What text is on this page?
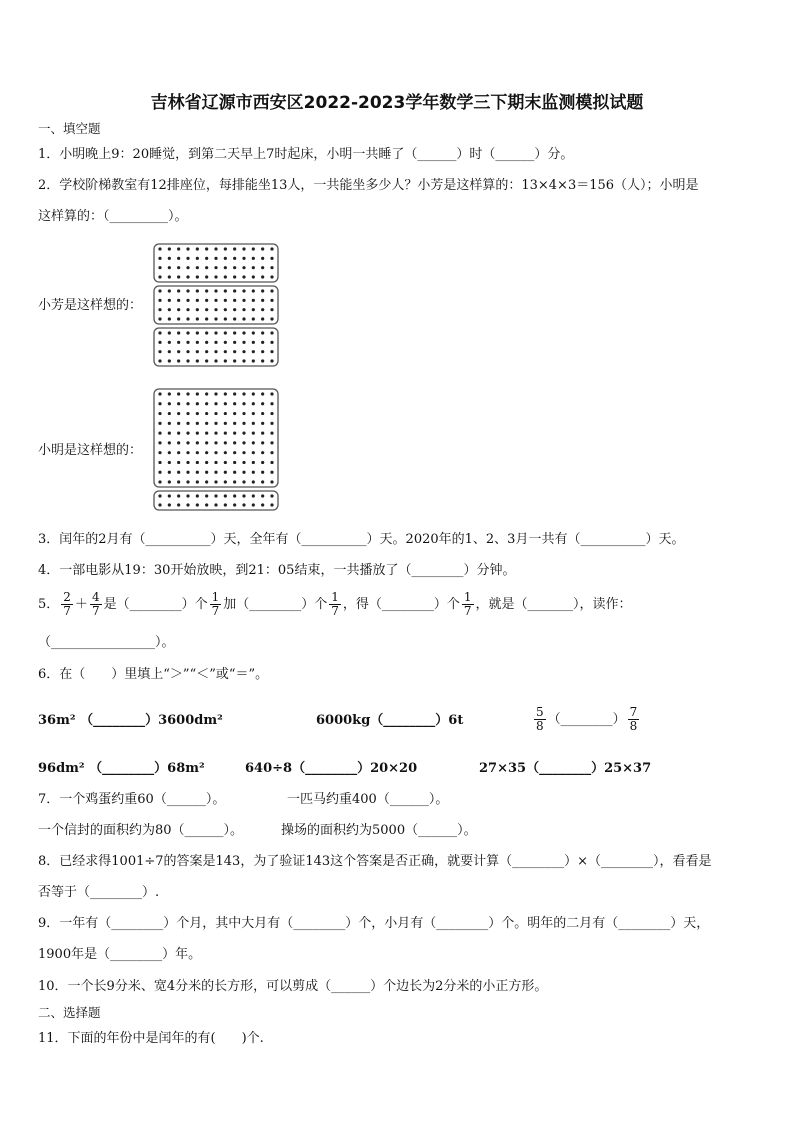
吉林省辽源市西安区2022-2023学年数学三下期末监测模拟试题
一、填空题
1．小明晚上9：20睡觉，到第二天早上7时起床，小明一共睡了（______）时（______）分。
2．学校阶梯教室有12排座位，每排能坐13人，一共能坐多少人？小芳是这样算的：13×4×3＝156（人）；小明是
这样算的：（_________）。
小芳是这样想的：
小明是这样想的：
3．闰年的2月有（__________）天，全年有（__________）天。2020年的1、2、3月一共有（__________）天。
4．一部电影从19：30开始放映，到21：05结束，一共播放了（________）分钟。
5． $\frac{2}{7} + \frac{4}{7}$ 是（________）个 $\frac{1}{7}$ 加（________）个 $\frac{1}{7}$ ，得（________）个 $\frac{1}{7}$ ，就是（_______），读作：
（________________）。
6．在（　　）里填上“＞”“＜”或“＝”。
36m² （________）3600dm²	6000kg（________）6t	$\frac{5}{8}$ （________） $\frac{7}{8}$
96dm² （________）68m²	640÷8（________）20×20	27×35（________）25×37
7．一个鸡蛋约重60（______）。	一匹马约重400（______）。
一个信封的面积约为80（______）。	操场的面积约为5000（______）。
8．已经求得1001÷7的答案是143，为了验证143这个答案是否正确，就要计算（________）×（________），看看是
否等于（________）.
9．一年有（________）个月，其中大月有（________）个，小月有（________）个。明年的二月有（________）天，
1900年是（________）年。
10．一个长9分米、宽4分米的长方形，可以剪成（______）个边长为2分米的小正方形。
二、选择题
11．下面的年份中是闰年的有(　　)个.
